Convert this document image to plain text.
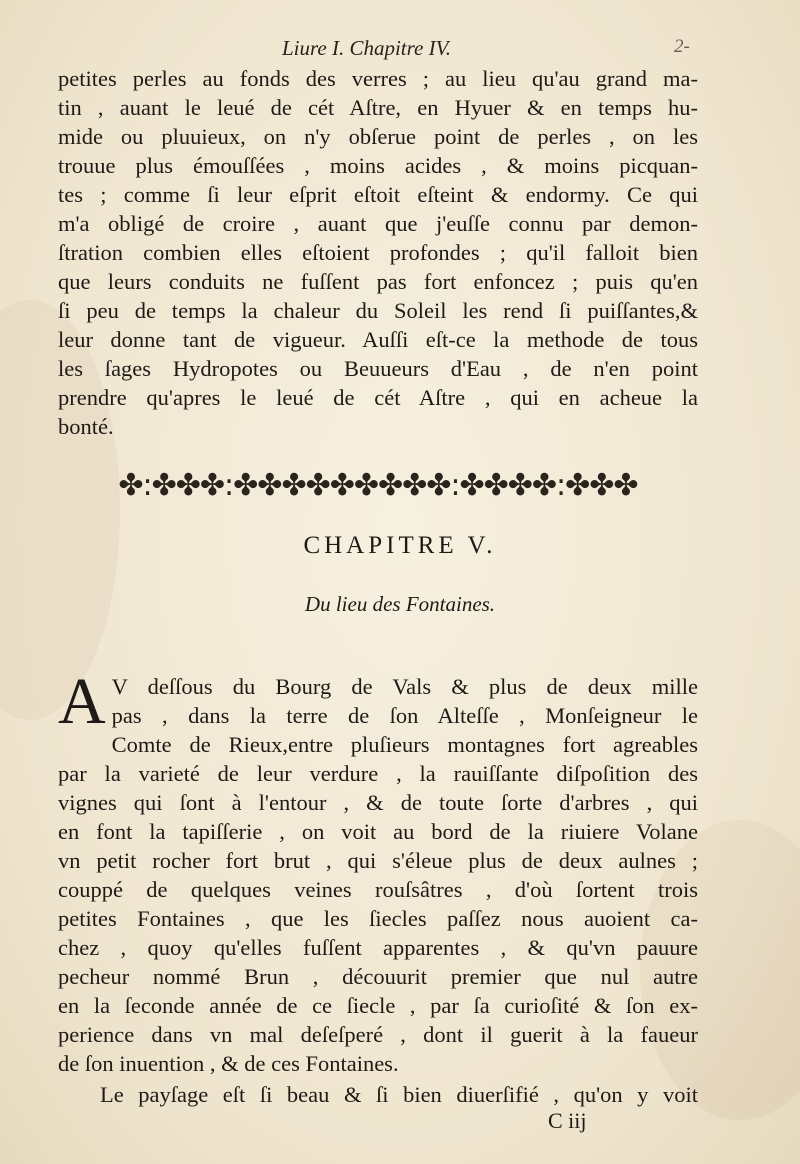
Liure I. Chapitre IV.	2-
petites perles au fonds des verres ; au lieu qu'au grand ma-
tin , auant le leué de cét Aſtre, en Hyuer & en temps hu-
mide ou pluuieux, on n'y obſerue point de perles , on les
trouue plus émouſſées , moins acides , & moins picquan-
tes ; comme ſi leur eſprit eſtoit eſteint & endormy. Ce qui
m'a obligé de croire , auant que j'euſſe connu par demon-
ſtration combien elles eſtoient profondes ; qu'il falloit bien
que leurs conduits ne fuſſent pas fort enfoncez ; puis qu'en
ſi peu de temps la chaleur du Soleil les rend ſi puiſſantes,&
leur donne tant de vigueur. Auſſi eſt-ce la methode de tous
les ſages Hydropotes ou Beuueurs d'Eau , de n'en point
prendre qu'apres le leué de cét Aſtre , qui en acheue la
bonté.
✤:✤✤✤:✤✤✤✤✤✤✤✤✤:✤✤✤✤:✤✤✤
CHAPITRE V.
Du lieu des Fontaines.
A V deſſous du Bourg de Vals & plus de deux mille
pas , dans la terre de ſon Alteſſe , Monſeigneur le
Comte de Rieux,entre pluſieurs montagnes fort agreables
par la varieté de leur verdure , la rauiſſante diſpoſition des
vignes qui ſont à l'entour , & de toute ſorte d'arbres , qui
en font la tapiſſerie , on voit au bord de la riuiere Volane
vn petit rocher fort brut , qui s'éleue plus de deux aulnes ;
couppé de quelques veines rouſsâtres , d'où ſortent trois
petites Fontaines , que les ſiecles paſſez nous auoient ca-
chez , quoy qu'elles fuſſent apparentes , & qu'vn pauure
pecheur nommé Brun , découurit premier que nul autre
en la ſeconde année de ce ſiecle , par ſa curioſité & ſon ex-
perience dans vn mal deſeſperé , dont il guerit à la faueur
de ſon inuention , & de ces Fontaines.
Le payſage eſt ſi beau & ſi bien diuerſifié , qu'on y voit
C iij
